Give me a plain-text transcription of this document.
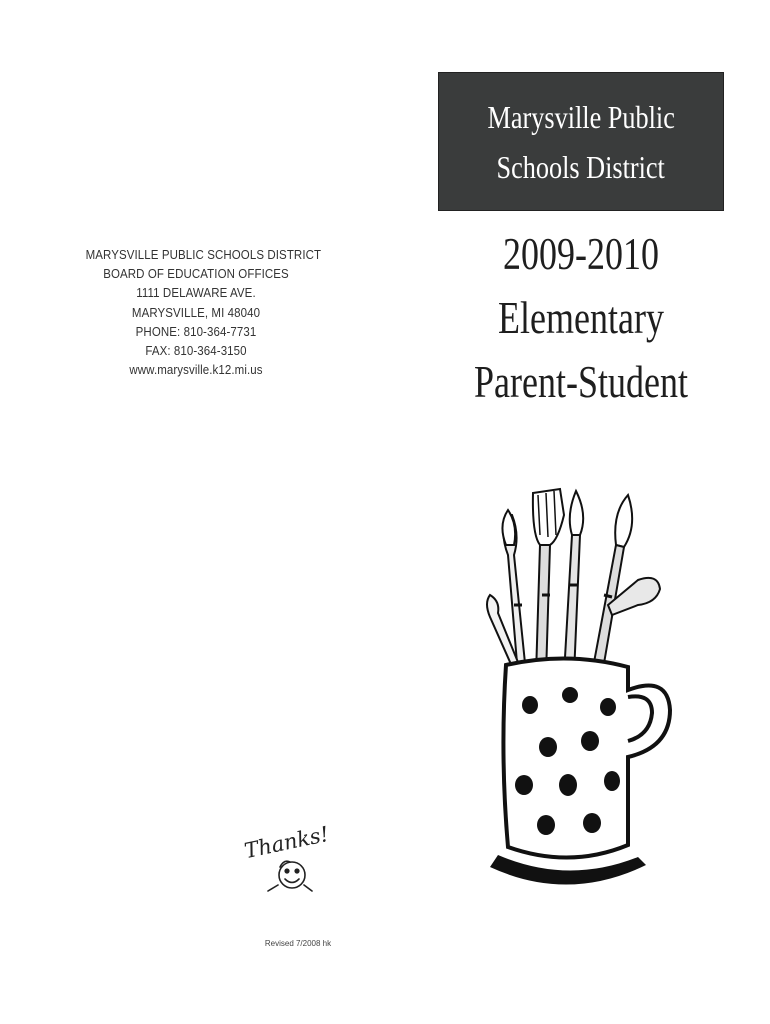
MARYSVILLE PUBLIC SCHOOLS DISTRICT
BOARD OF EDUCATION OFFICES
1111 DELAWARE AVE.
MARYSVILLE, MI 48040
PHONE: 810-364-7731
FAX: 810-364-3150
www.marysville.k12.mi.us
Thanks!
Revised 7/2008 hk
Marysville Public
Schools District
2009-2010
Elementary
Parent-Student
